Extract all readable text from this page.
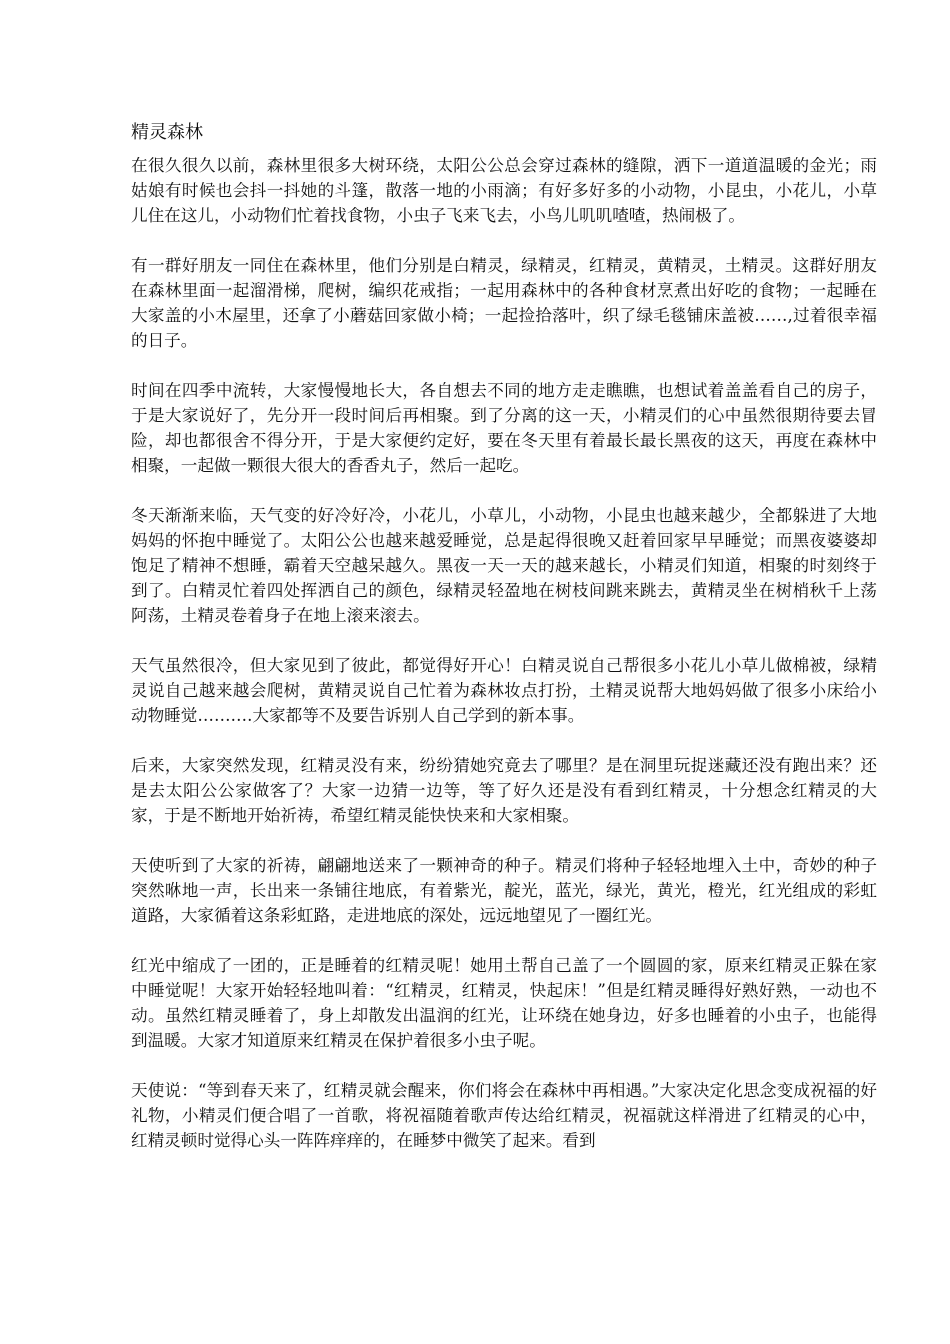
精灵森林

在很久很久以前，森林里很多大树环绕，太阳公公总会穿过森林的缝隙，洒下一道道温暖的金光；雨姑娘有时候也会抖一抖她的斗篷，散落一地的小雨滴；有好多好多的小动物，小昆虫，小花儿，小草儿住在这儿，小动物们忙着找食物，小虫子飞来飞去，小鸟儿叽叽喳喳，热闹极了。

有一群好朋友一同住在森林里，他们分别是白精灵，绿精灵，红精灵，黄精灵，土精灵。这群好朋友在森林里面一起溜滑梯，爬树，编织花戒指；一起用森林中的各种食材烹煮出好吃的食物；一起睡在大家盖的小木屋里，还拿了小蘑菇回家做小椅；一起捡拾落叶，织了绿毛毯铺床盖被……,过着很幸福的日子。

时间在四季中流转，大家慢慢地长大，各自想去不同的地方走走瞧瞧，也想试着盖盖看自己的房子，于是大家说好了，先分开一段时间后再相聚。到了分离的这一天，小精灵们的心中虽然很期待要去冒险，却也都很舍不得分开，于是大家便约定好，要在冬天里有着最长最长黑夜的这天，再度在森林中相聚，一起做一颗很大很大的香香丸子，然后一起吃。

冬天渐渐来临，天气变的好冷好冷，小花儿，小草儿，小动物，小昆虫也越来越少，全都躲进了大地妈妈的怀抱中睡觉了。太阳公公也越来越爱睡觉，总是起得很晚又赶着回家早早睡觉；而黑夜婆婆却饱足了精神不想睡，霸着天空越呆越久。黑夜一天一天的越来越长，小精灵们知道，相聚的时刻终于到了。白精灵忙着四处挥洒自己的颜色，绿精灵轻盈地在树枝间跳来跳去，黄精灵坐在树梢秋千上荡阿荡，土精灵卷着身子在地上滚来滚去。

天气虽然很冷，但大家见到了彼此，都觉得好开心！白精灵说自己帮很多小花儿小草儿做棉被，绿精灵说自己越来越会爬树，黄精灵说自己忙着为森林妆点打扮，土精灵说帮大地妈妈做了很多小床给小动物睡觉……….大家都等不及要告诉别人自己学到的新本事。

后来，大家突然发现，红精灵没有来，纷纷猜她究竟去了哪里？是在洞里玩捉迷藏还没有跑出来？还是去太阳公公家做客了？大家一边猜一边等，等了好久还是没有看到红精灵，十分想念红精灵的大家，于是不断地开始祈祷，希望红精灵能快快来和大家相聚。

天使听到了大家的祈祷，翩翩地送来了一颗神奇的种子。精灵们将种子轻轻地埋入土中，奇妙的种子突然咻地一声，长出来一条铺往地底，有着紫光，靛光，蓝光，绿光，黄光，橙光，红光组成的彩虹道路，大家循着这条彩虹路，走进地底的深处，远远地望见了一圈红光。

红光中缩成了一团的，正是睡着的红精灵呢！她用土帮自己盖了一个圆圆的家，原来红精灵正躲在家中睡觉呢！大家开始轻轻地叫着：“红精灵，红精灵，快起床！”但是红精灵睡得好熟好熟，一动也不动。虽然红精灵睡着了，身上却散发出温润的红光，让环绕在她身边，好多也睡着的小虫子，也能得到温暖。大家才知道原来红精灵在保护着很多小虫子呢。

天使说：“等到春天来了，红精灵就会醒来，你们将会在森林中再相遇。”大家决定化思念变成祝福的好礼物，小精灵们便合唱了一首歌，将祝福随着歌声传达给红精灵，祝福就这样滑进了红精灵的心中，红精灵顿时觉得心头一阵阵痒痒的，在睡梦中微笑了起来。看到
